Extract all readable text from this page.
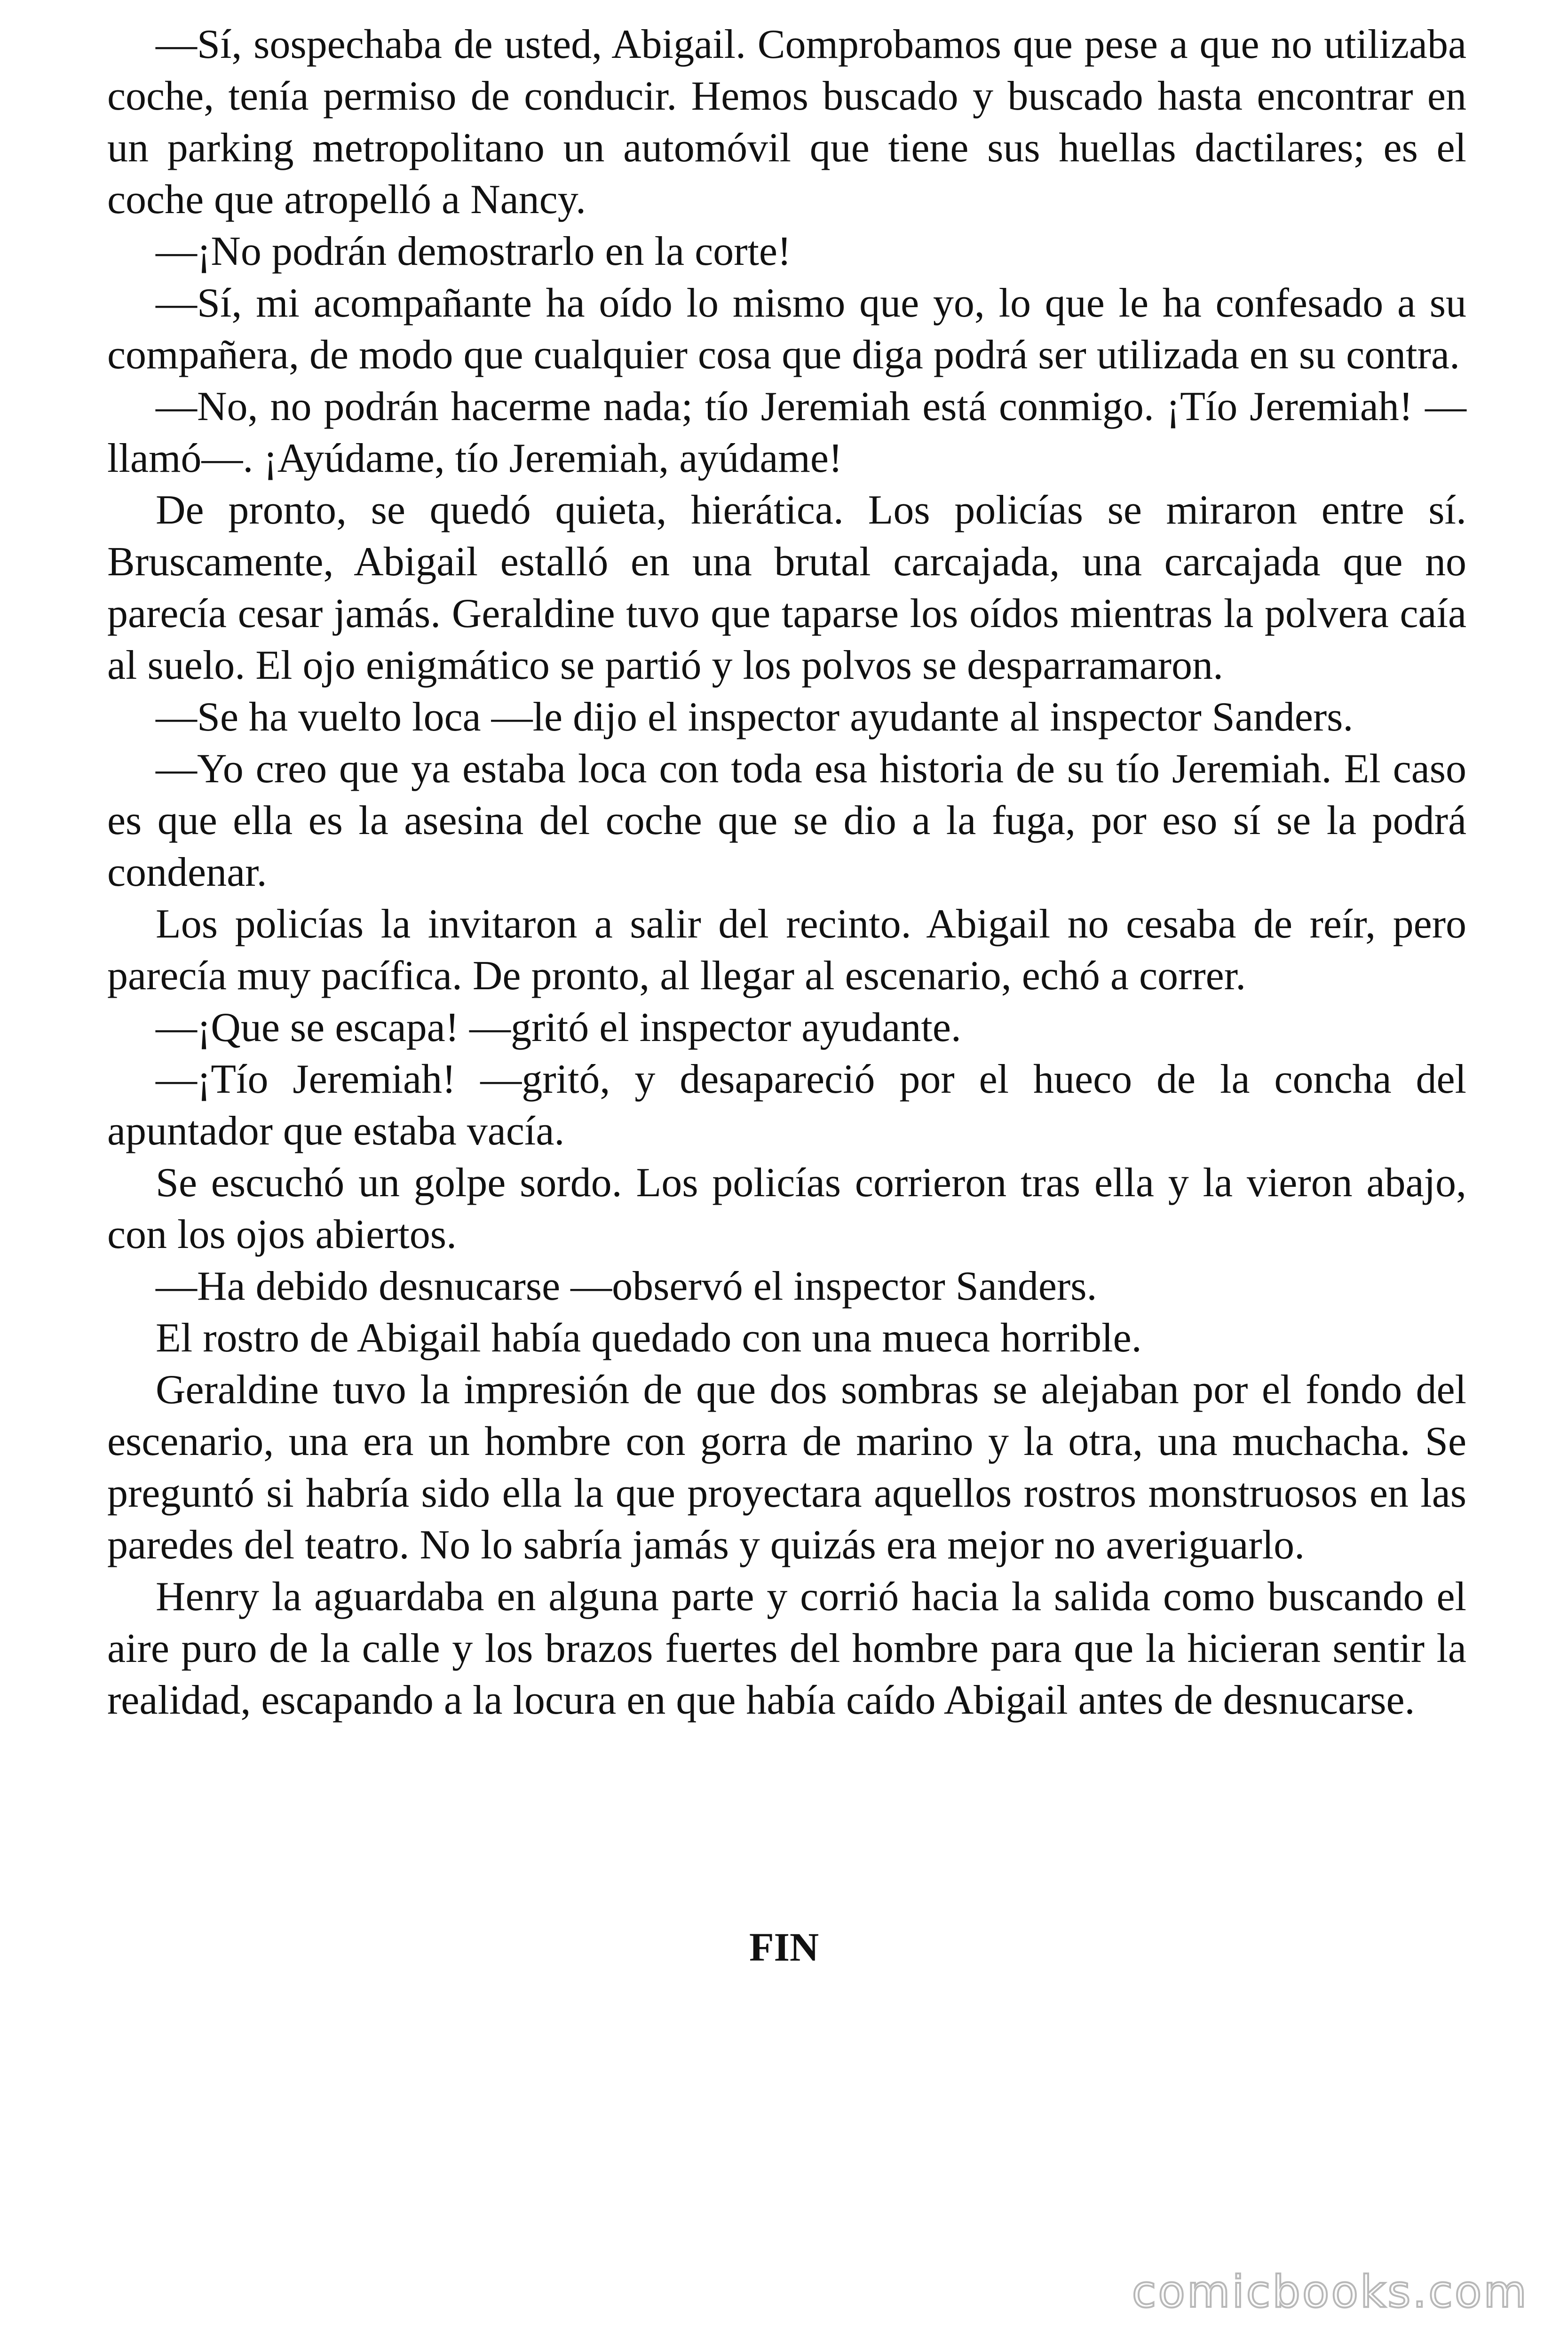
—Sí, sospechaba de usted, Abigail. Comprobamos que pese a que no utilizaba coche, tenía permiso de conducir. Hemos buscado y buscado hasta encontrar en un parking metropolitano un automóvil que tiene sus huellas dactilares; es el coche que atropelló a Nancy.

—¡No podrán demostrarlo en la corte!

—Sí, mi acompañante ha oído lo mismo que yo, lo que le ha confesado a su compañera, de modo que cualquier cosa que diga podrá ser utilizada en su contra.

—No, no podrán hacerme nada; tío Jeremiah está conmigo. ¡Tío Jeremiah! —llamó—. ¡Ayúdame, tío Jeremiah, ayúdame!

De pronto, se quedó quieta, hierática. Los policías se miraron entre sí. Bruscamente, Abigail estalló en una brutal carcajada, una carcajada que no parecía cesar jamás. Geraldine tuvo que taparse los oídos mientras la polvera caía al suelo. El ojo enigmático se partió y los polvos se desparramaron.

—Se ha vuelto loca —le dijo el inspector ayudante al inspector Sanders.

—Yo creo que ya estaba loca con toda esa historia de su tío Jeremiah. El caso es que ella es la asesina del coche que se dio a la fuga, por eso sí se la podrá condenar.

Los policías la invitaron a salir del recinto. Abigail no cesaba de reír, pero parecía muy pacífica. De pronto, al llegar al escenario, echó a correr.

—¡Que se escapa! —gritó el inspector ayudante.

—¡Tío Jeremiah! —gritó, y desapareció por el hueco de la concha del apuntador que estaba vacía.

Se escuchó un golpe sordo. Los policías corrieron tras ella y la vieron abajo, con los ojos abiertos.

—Ha debido desnucarse —observó el inspector Sanders.

El rostro de Abigail había quedado con una mueca horrible.

Geraldine tuvo la impresión de que dos sombras se alejaban por el fondo del escenario, una era un hombre con gorra de marino y la otra, una muchacha. Se preguntó si habría sido ella la que proyectara aquellos rostros monstruosos en las paredes del teatro. No lo sabría jamás y quizás era mejor no averiguarlo.

Henry la aguardaba en alguna parte y corrió hacia la salida como buscando el aire puro de la calle y los brazos fuertes del hombre para que la hicieran sentir la realidad, escapando a la locura en que había caído Abigail antes de desnucarse.

FIN

comicbooks.com
